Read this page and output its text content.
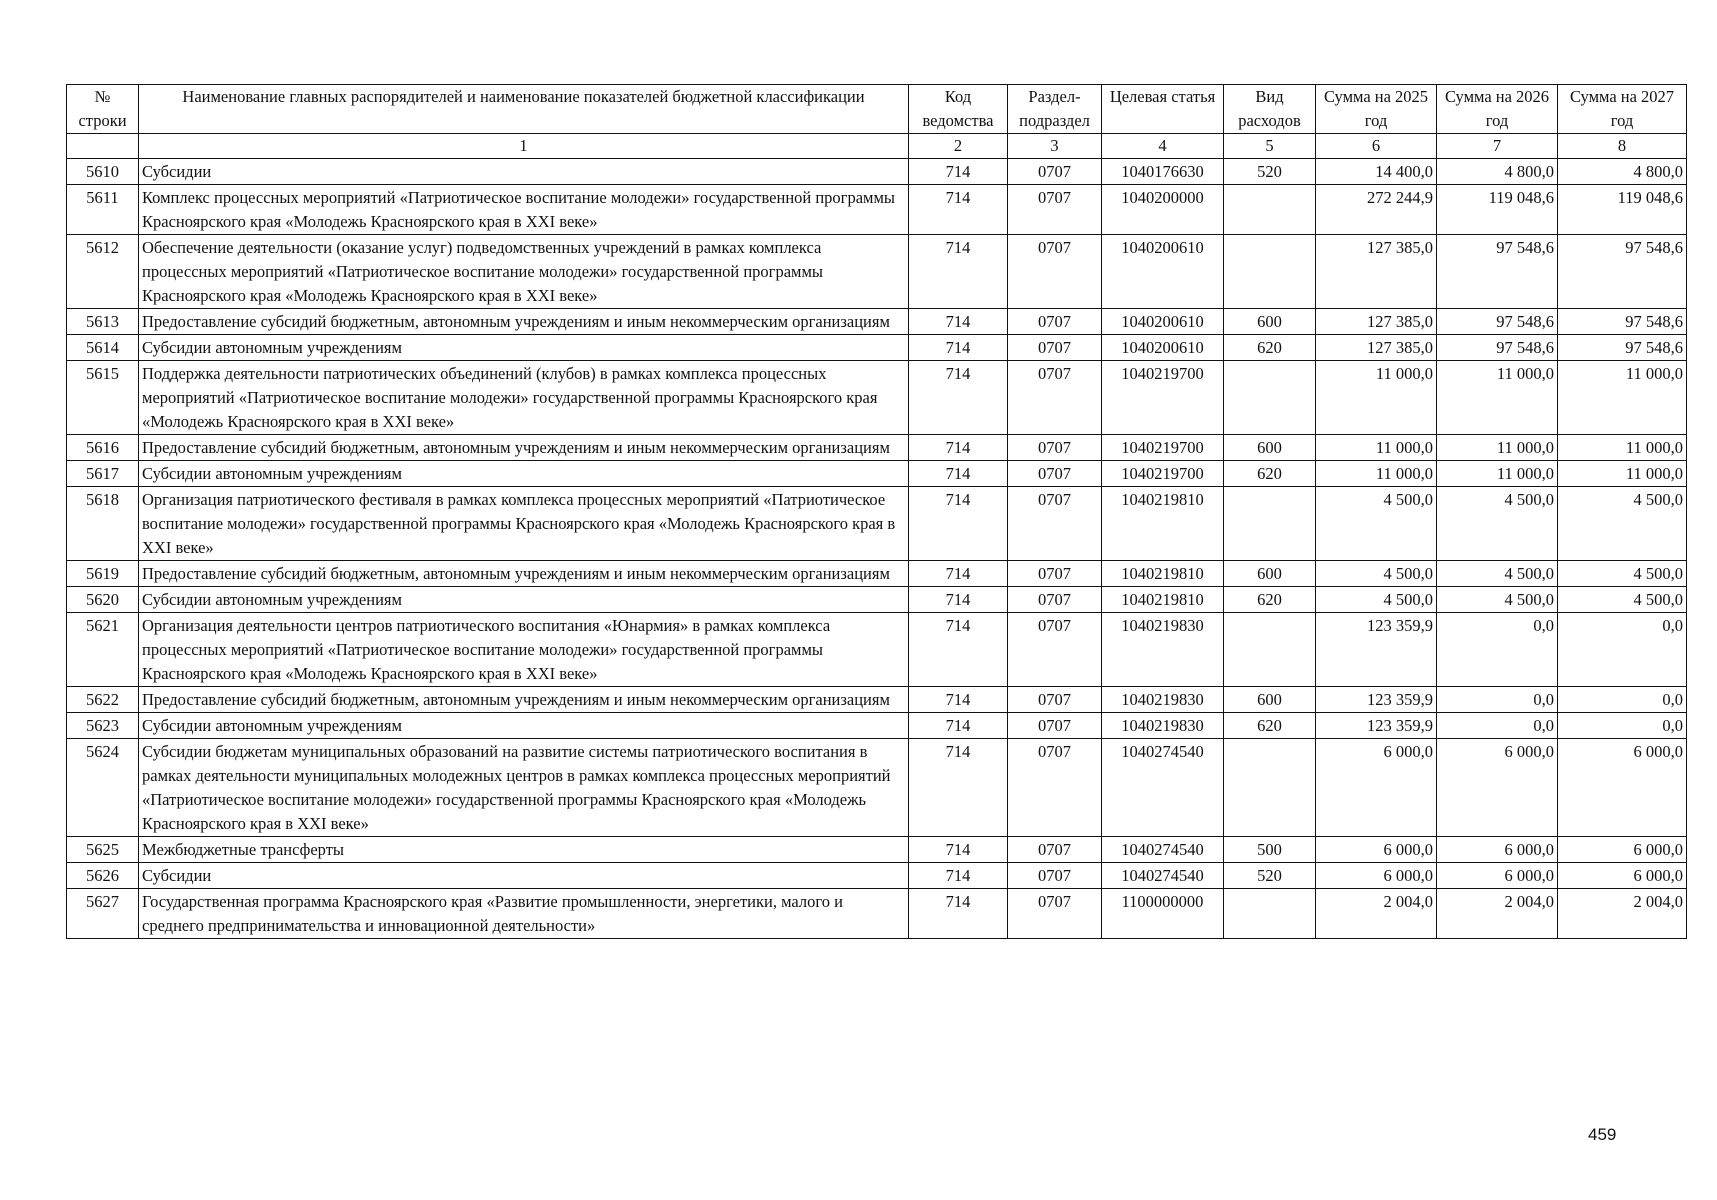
№ строки	Наименование главных распорядителей и наименование показателей бюджетной классификации	Код ведомства	Раздел-подраздел	Целевая статья	Вид расходов	Сумма на 2025 год	Сумма на 2026 год	Сумма на 2027 год
	1	2	3	4	5	6	7	8
5610	Субсидии	714	0707	1040176630	520	14 400,0	4 800,0	4 800,0
5611	Комплекс процессных мероприятий «Патриотическое воспитание молодежи» государственной программы Красноярского края «Молодежь Красноярского края в XXI веке»	714	0707	1040200000		272 244,9	119 048,6	119 048,6
5612	Обеспечение деятельности (оказание услуг) подведомственных учреждений в рамках комплекса процессных мероприятий «Патриотическое воспитание молодежи» государственной программы Красноярского края «Молодежь Красноярского края в XXI веке»	714	0707	1040200610		127 385,0	97 548,6	97 548,6
5613	Предоставление субсидий бюджетным, автономным учреждениям и иным некоммерческим организациям	714	0707	1040200610	600	127 385,0	97 548,6	97 548,6
5614	Субсидии автономным учреждениям	714	0707	1040200610	620	127 385,0	97 548,6	97 548,6
5615	Поддержка деятельности патриотических объединений (клубов) в рамках комплекса процессных мероприятий «Патриотическое воспитание молодежи» государственной программы Красноярского края «Молодежь Красноярского края в XXI веке»	714	0707	1040219700		11 000,0	11 000,0	11 000,0
5616	Предоставление субсидий бюджетным, автономным учреждениям и иным некоммерческим организациям	714	0707	1040219700	600	11 000,0	11 000,0	11 000,0
5617	Субсидии автономным учреждениям	714	0707	1040219700	620	11 000,0	11 000,0	11 000,0
5618	Организация патриотического фестиваля в рамках комплекса процессных мероприятий «Патриотическое воспитание молодежи» государственной программы Красноярского края «Молодежь Красноярского края в XXI веке»	714	0707	1040219810		4 500,0	4 500,0	4 500,0
5619	Предоставление субсидий бюджетным, автономным учреждениям и иным некоммерческим организациям	714	0707	1040219810	600	4 500,0	4 500,0	4 500,0
5620	Субсидии автономным учреждениям	714	0707	1040219810	620	4 500,0	4 500,0	4 500,0
5621	Организация деятельности центров патриотического воспитания «Юнармия» в рамках комплекса процессных мероприятий «Патриотическое воспитание молодежи» государственной программы Красноярского края «Молодежь Красноярского края в XXI веке»	714	0707	1040219830		123 359,9	0,0	0,0
5622	Предоставление субсидий бюджетным, автономным учреждениям и иным некоммерческим организациям	714	0707	1040219830	600	123 359,9	0,0	0,0
5623	Субсидии автономным учреждениям	714	0707	1040219830	620	123 359,9	0,0	0,0
5624	Субсидии бюджетам муниципальных образований на развитие системы патриотического воспитания в рамках деятельности муниципальных молодежных центров в рамках комплекса процессных мероприятий «Патриотическое воспитание молодежи» государственной программы Красноярского края «Молодежь Красноярского края в XXI веке»	714	0707	1040274540		6 000,0	6 000,0	6 000,0
5625	Межбюджетные трансферты	714	0707	1040274540	500	6 000,0	6 000,0	6 000,0
5626	Субсидии	714	0707	1040274540	520	6 000,0	6 000,0	6 000,0
5627	Государственная программа Красноярского края «Развитие промышленности, энергетики, малого и среднего предпринимательства и инновационной деятельности»	714	0707	1100000000		2 004,0	2 004,0	2 004,0
459
